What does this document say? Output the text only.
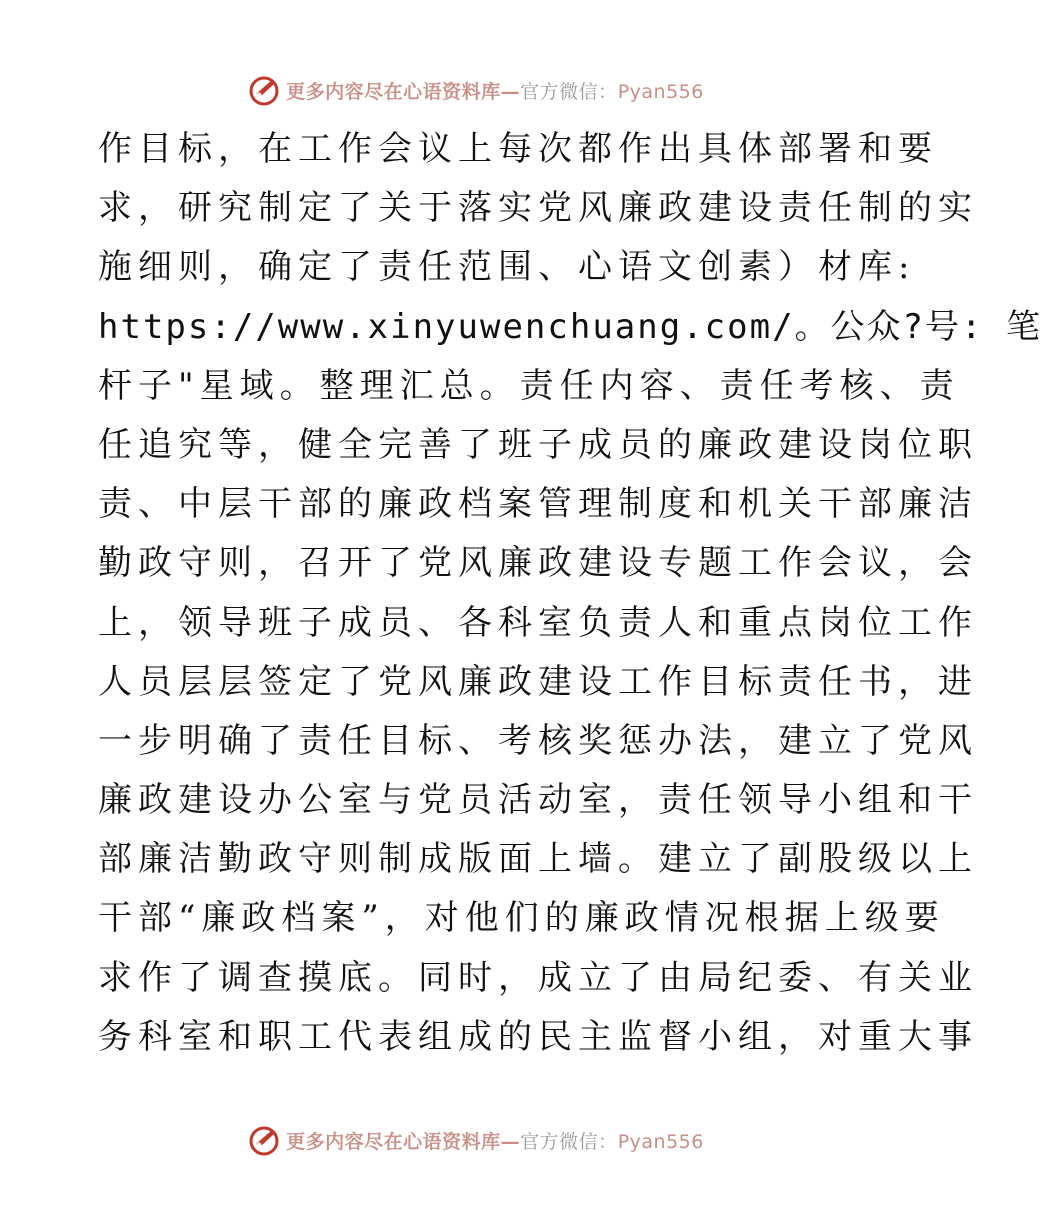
更多内容尽在心语资料库—官方微信：Pyan556
作目标，在工作会议上每次都作出具体部署和要
求，研究制定了关于落实党风廉政建设责任制的实
施细则，确定了责任范围、心语文创素）材库:
https://www.xinyuwenchuang.com/。公众?号: 笔
杆子"星域。整理汇总。责任内容、责任考核、责
任追究等，健全完善了班子成员的廉政建设岗位职
责、中层干部的廉政档案管理制度和机关干部廉洁
勤政守则，召开了党风廉政建设专题工作会议，会
上，领导班子成员、各科室负责人和重点岗位工作
人员层层签定了党风廉政建设工作目标责任书，进
一步明确了责任目标、考核奖惩办法，建立了党风
廉政建设办公室与党员活动室，责任领导小组和干
部廉洁勤政守则制成版面上墙。建立了副股级以上
干部“廉政档案”，对他们的廉政情况根据上级要
求作了调查摸底。同时，成立了由局纪委、有关业
务科室和职工代表组成的民主监督小组，对重大事
更多内容尽在心语资料库—官方微信：Pyan556
